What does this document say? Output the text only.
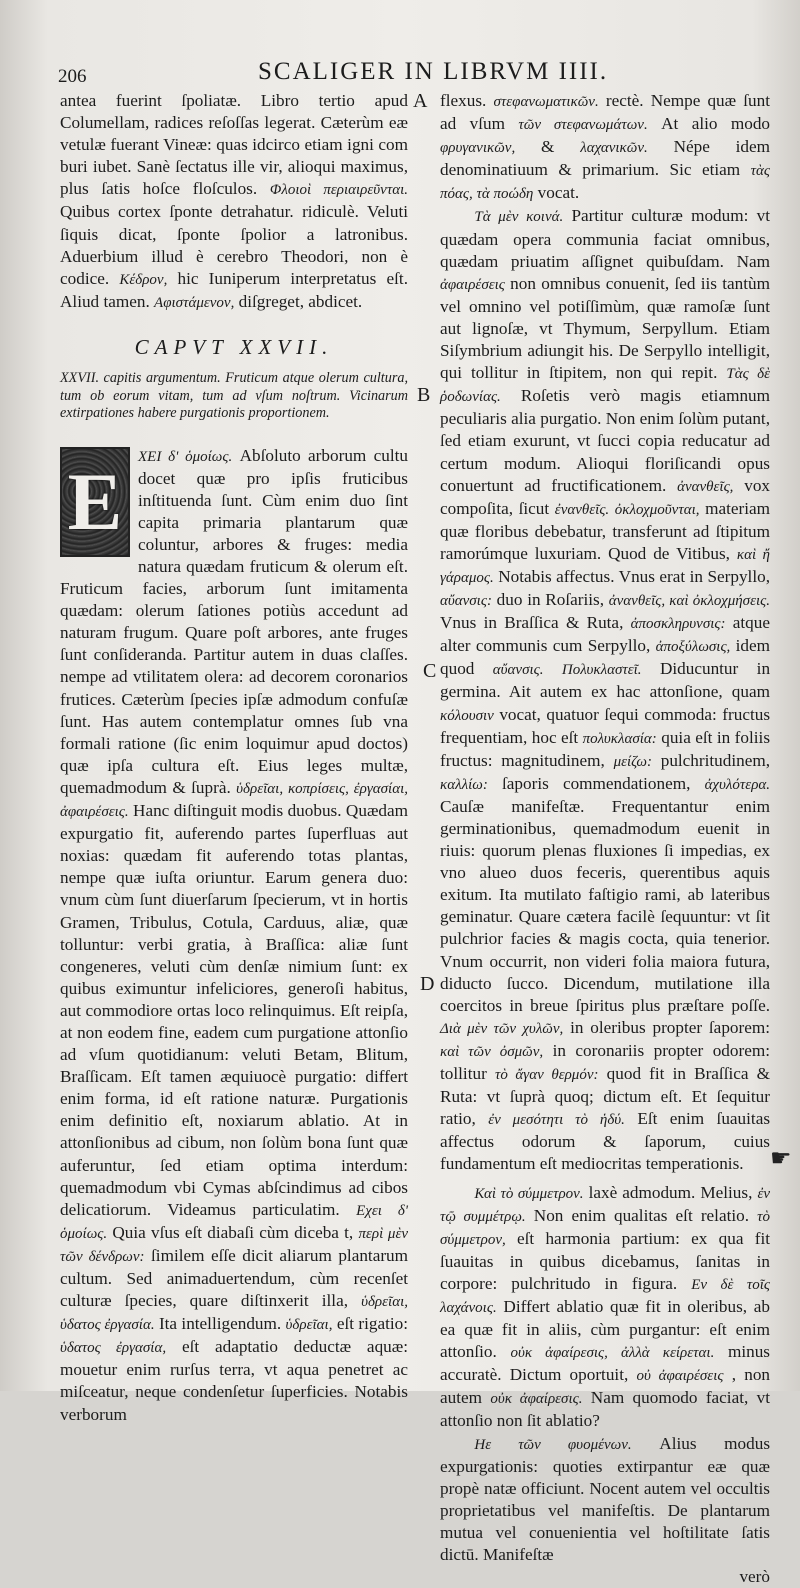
206	SCALIGER IN LIBRVM IIII.
A
B
C
D
☛

antea fuerint ſpoliatæ. Libro tertio apud Columellam, radices reſoſſas legerat. Cæterùm eæ vetulæ fuerant Vineæ: quas idcirco etiam igni com buri iubet. Sanè ſectatus ille vir, alioqui maximus, plus ſatis hoſce floſculos. Φλοιοὶ περιαιρεῦνται. Quibus cortex ſponte detrahatur. ridiculè. Veluti ſiquis dicat, ſponte ſpolior a latronibus. Aduerbium illud è cerebro Theodori, non è codice. Κέδρον, hic Iuniperum interpretatus eſt. Aliud tamen. Αφιστάμενον, diſgreget, abdicet.

CAPVT XXVII.
XXVII. capitis argumentum. Fruticum atque olerum cultura, tum ob eorum vitam, tum ad vſum noſtrum. Vicinarum extirpationes habere purgationis proportionem.
E	ΧΕΙ δ' ὁμοίως. Abſoluto arborum cultu docet quæ pro ipſis fruticibus inſtituenda ſunt. Cùm enim duo ſint capita primaria plantarum quæ coluntur, arbores & fruges: media natura quædam fruticum & olerum eſt. Fruticum facies, arborum ſunt imitamenta quædam: olerum ſationes potiùs accedunt ad naturam frugum. Quare poſt arbores, ante fruges ſunt conſideranda. Partitur autem in duas claſſes. nempe ad vtilitatem olera: ad decorem coronarios frutices. Cæterùm ſpecies ipſæ admodum confuſæ ſunt. Has autem contemplatur omnes ſub vna formali ratione (ſic enim loquimur apud doctos) quæ ipſa cultura eſt. Eius leges multæ, quemadmodum & ſuprà. ὑδρεῖαι, κοπρίσεις, ἐργασίαι, ἀφαιρέσεις. Hanc diſtinguit modis duobus. Quædam expurgatio fit, auferendo partes ſuperfluas aut noxias: quædam fit auferendo totas plantas, nempe quæ iuſta oriuntur. Earum genera duo: vnum cùm ſunt diuerſarum ſpecierum, vt in hortis Gramen, Tribulus, Cotula, Carduus, aliæ, quæ tolluntur: verbi gratia, à Braſſica: aliæ ſunt congeneres, veluti cùm denſæ nimium ſunt: ex quibus eximuntur infeliciores, generoſi habitus, aut commodiore ortas loco relinquimus. Eſt reipſa, at non eodem fine, eadem cum purgatione attonſio ad vſum quotidianum: veluti Betam, Blitum, Braſſicam. Eſt tamen æquiuocè purgatio: differt enim forma, id eſt ratione naturæ. Purgationis enim definitio eſt, noxiarum ablatio. At in attonſionibus ad cibum, non ſolùm bona ſunt quæ auferuntur, ſed etiam optima interdum: quemadmodum vbi Cymas abſcindimus ad cibos delicatiorum. Videamus particulatim. Εχει δ' ὁμοίως. Quia vſus eſt diabaſi cùm diceba t, περὶ μὲν τῶν δένδρων: ſimilem eſſe dicit aliarum plantarum cultum. Sed animaduertendum, cùm recenſet culturæ ſpecies, quare diſtinxerit illa, ὑδρεῖαι, ὑδατος ἐργασία. Ita intelligendum. ὑδρεῖαι, eſt rigatio: ὑδατος ἐργασία, eſt adaptatio deductæ aquæ: mouetur enim rurſus terra, vt aqua penetret ac miſceatur, neque condenſetur ſuperficies. Notabis verborum

flexus. στεφανωματικῶν. rectè. Nempe quæ ſunt ad vſum τῶν στεφανωμάτων. At alio modo φρυγανικῶν, & λαχανικῶν. Népe idem denominatiuum & primarium. Sic etiam τὰς πόας, τὰ ποώδη vocat.

  Τὰ μὲν κοινά. Partitur culturæ modum: vt quædam opera communia faciat omnibus, quædam priuatim aſſignet quibuſdam. Nam ἀφαιρέσεις non omnibus conuenit, ſed iis tantùm vel omnino vel potiſſimùm, quæ ramoſæ ſunt aut lignoſæ, vt Thymum, Serpyllum. Etiam Siſymbrium adiungit his. De Serpyllo intelligit, qui tollitur in ſtipitem, non qui repit. Τὰς δὲ ῥοδωνίας. Roſetis verò magis etiamnum peculiaris alia purgatio. Non enim ſolùm putant, ſed etiam exurunt, vt ſucci copia reducatur ad certum modum. Alioqui floriſicandi opus conuertunt ad fructificationem. ἀνανθεῖς, vox compoſita, ſicut ἐνανθεῖς. ὀκλοχμοῦνται, materiam quæ floribus debebatur, transferunt ad ſtipitum ramorúmque luxuriam. Quod de Vitibus, καὶ ἤ γάραμος. Notabis affectus. Vnus erat in Serpyllo, αὔανσις: duo in Roſariis, ἀνανθεῖς, καὶ ὀκλοχμήσεις. Vnus in Braſſica & Ruta, ἀποσκληρυνσις: atque alter communis cum Serpyllo, ἀποξύλωσις, idem quod αὔανσις. Πολυκλαστεῖ. Diducuntur in germina. Ait autem ex hac attonſione, quam κόλουσιν vocat, quatuor ſequi commoda: fructus frequentiam, hoc eſt πολυκλασία: quia eſt in foliis fructus: magnitudinem, μείζω: pulchritudinem, καλλίω: ſaporis commendationem, ἀχυλότερα. Cauſæ manifeſtæ. Frequentantur enim germinationibus, quemadmodum euenit in riuis: quorum plenas fluxiones ſi impedias, ex vno alueo duos feceris, querentibus aquis exitum. Ita mutilato faſtigio rami, ab lateribus geminatur. Quare cætera facilè ſequuntur: vt ſit pulchrior facies & magis cocta, quia tenerior. Vnum occurrit, non videri folia maiora futura, diducto ſucco. Dicendum, mutilatione illa coercitos in breue ſpiritus plus præſtare poſſe. Διὰ μὲν τῶν χυλῶν, in oleribus propter ſaporem: καὶ τῶν ὀσμῶν, in coronariis propter odorem: tollitur τὸ ἄγαν θερμόν: quod fit in Braſſica & Ruta: vt ſuprà quoq; dictum eſt. Et ſequitur ratio, ἐν μεσότητι τὸ ἡδύ. Eſt enim ſuauitas affectus odorum & ſaporum, cuius fundamentum eſt mediocritas temperationis.

  Καὶ τὸ σύμμετρον. laxè admodum. Melius, ἐν τῷ συμμέτρῳ. Non enim qualitas eſt relatio. τὸ σύμμετρον, eſt harmonia partium: ex qua fit ſuauitas in quibus dicebamus, ſanitas in corpore: pulchritudo in figura. Εν δὲ τοῖς λαχάνοις. Differt ablatio quæ fit in oleribus, ab ea quæ fit in aliis, cùm purgantur: eſt enim attonſio. οὐκ ἀφαίρεσις, ἀλλὰ κείρεται. minus accuratè. Dictum oportuit, οὐ ἀφαιρέσεις , non autem οὐκ ἀφαίρεσις. Nam quomodo faciat, vt attonſio non ſit ablatio?

  Ηε τῶν φυομένων. Alius modus expurgationis: quoties extirpantur eæ quæ propè natæ officiunt. Nocent autem vel occultis proprietatibus vel manifeſtis. De plantarum mutua vel conuenientia vel hoſtilitate ſatis dictū. Manifeſtæ

verò
